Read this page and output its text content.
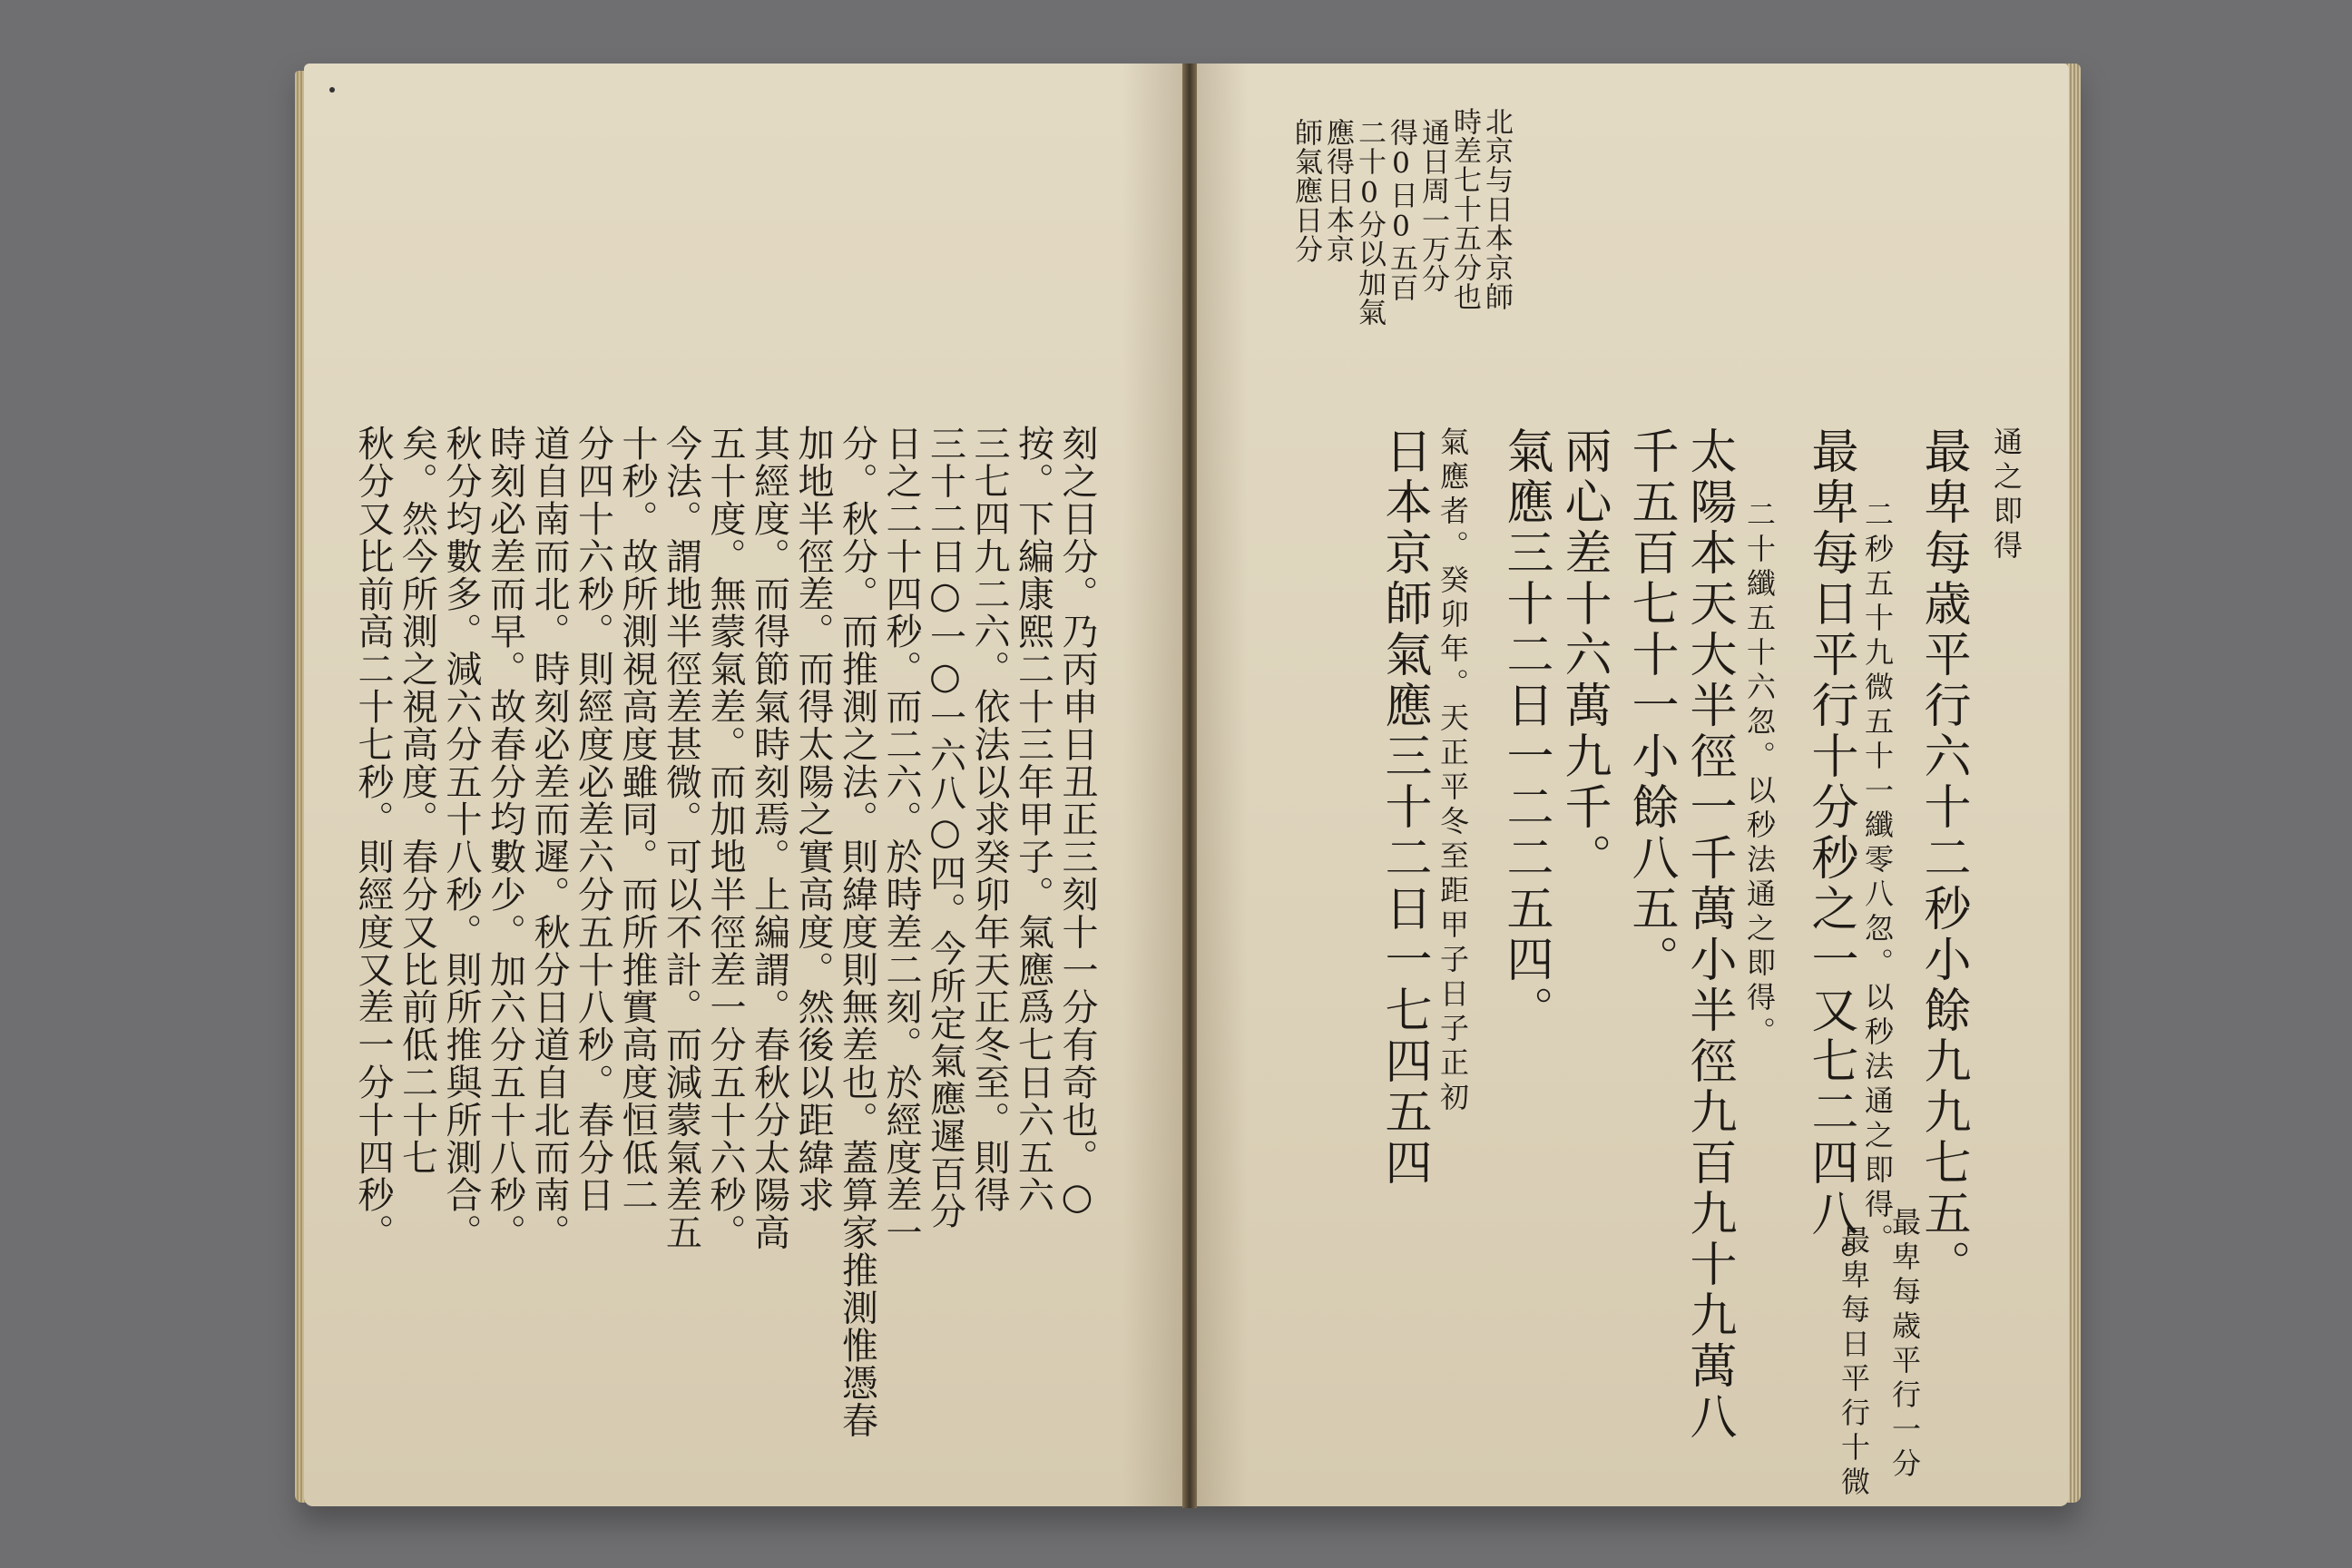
刻之日分。乃丙申日丑正三刻十一分有奇也。○
按。下編康熙二十三年甲子。氣應爲七日六五六
三七四九二六。依法以求癸卯年天正冬至。則得
三十二日○一○一六八○四。今所定氣應遲百分
日之二十四秒。而二六。於時差二刻。於經度差一
分。秋分。而推測之法。則緯度則無差也。蓋算家推測惟憑春
加地半徑差。而得太陽之實高度。然後以距緯求
其經度。而得節氣時刻焉。上編謂。春秋分太陽高
五十度。無蒙氣差。而加地半徑差一分五十六秒。
今法。謂地半徑差甚微。可以不計。而減蒙氣差五
十秒。故所測視高度雖同。而所推實高度恒低二
分四十六秒。則經度必差六分五十八秒。春分日
道自南而北。時刻必差而遲。秋分日道自北而南。
時刻必差而早。故春分均數少。加六分五十八秒。
秋分均數多。減六分五十八秒。則所推與所測合。
矣。然今所測之視高度。春分又比前低二十七
秋分又比前高二十七秒。則經度又差一分十四秒。
北京与日本京師
時差七十五分也
通日周一万分
得0日0五百
二十0分以加氣
應得日本京
師氣應日分
通之即得
最卑每歳平行六十二秒小餘九九七五。
二秒五十九微五十一纖零八忽。以秒法通之即得。
最卑每日平行十分秒之一又七二四八。
二十纖五十六忽。以秒法通之即得。
太陽本天大半徑一千萬小半徑九百九十九萬八
千五百七十一小餘八五。
兩心差十六萬九千。
氣應三十二日一二二五四。
氣應者。癸卯年。天正平冬至距甲子日子正初
日本京師氣應三十二日一七四五四
最卑每歳平行一分
最卑每日平行十微
